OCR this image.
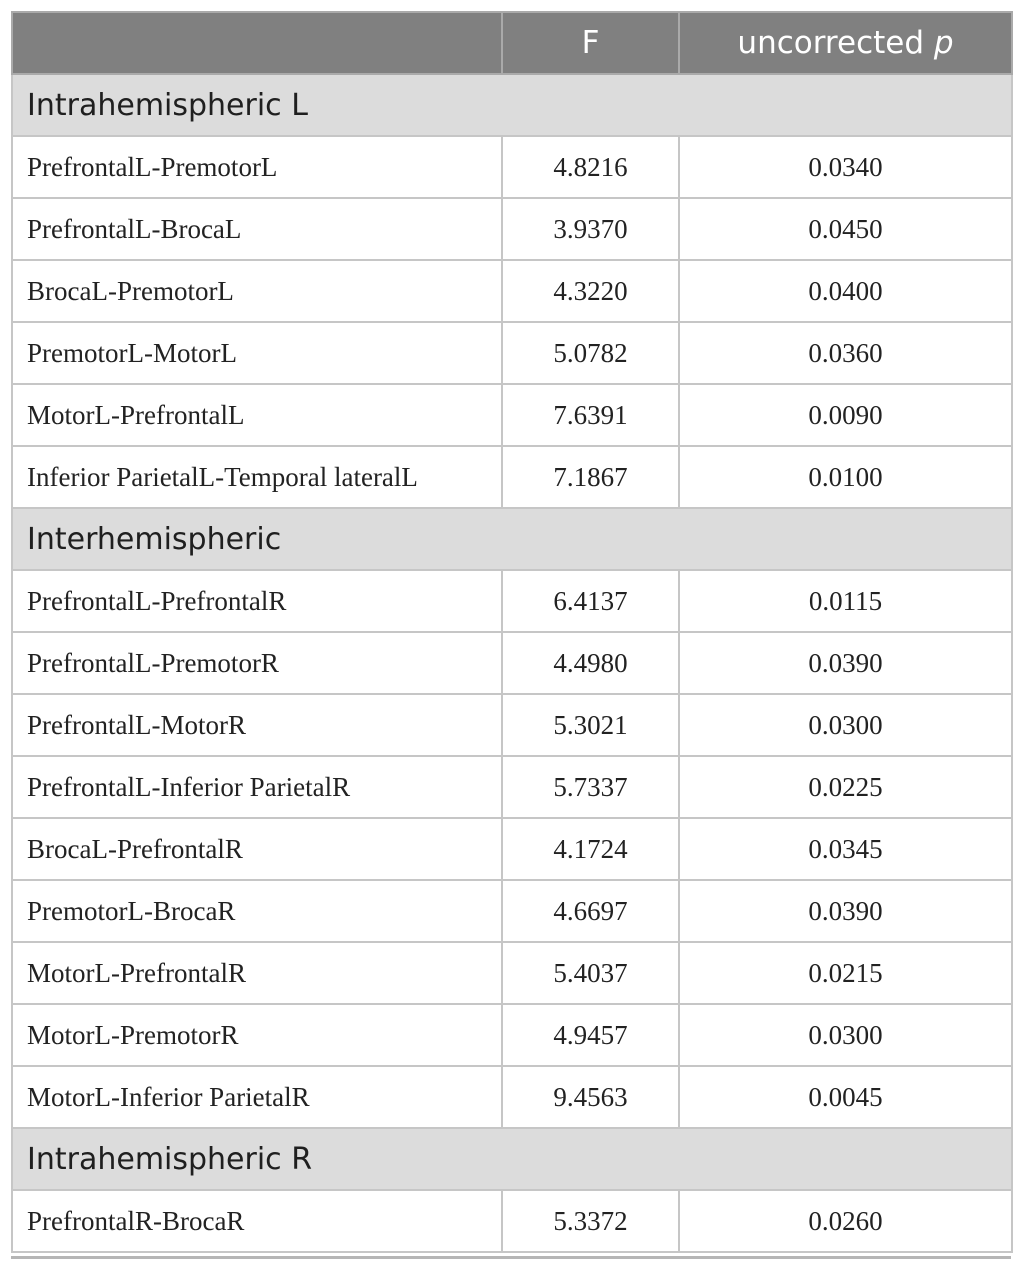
	F	uncorrected p
Intrahemispheric L		
PrefrontalL-PremotorL	4.8216	0.0340
PrefrontalL-BrocaL	3.9370	0.0450
BrocaL-PremotorL	4.3220	0.0400
PremotorL-MotorL	5.0782	0.0360
MotorL-PrefrontalL	7.6391	0.0090
Inferior ParietalL-Temporal lateralL	7.1867	0.0100
Interhemispheric		
PrefrontalL-PrefrontalR	6.4137	0.0115
PrefrontalL-PremotorR	4.4980	0.0390
PrefrontalL-MotorR	5.3021	0.0300
PrefrontalL-Inferior ParietalR	5.7337	0.0225
BrocaL-PrefrontalR	4.1724	0.0345
PremotorL-BrocaR	4.6697	0.0390
MotorL-PrefrontalR	5.4037	0.0215
MotorL-PremotorR	4.9457	0.0300
MotorL-Inferior ParietalR	9.4563	0.0045
Intrahemispheric R		
PrefrontalR-BrocaR	5.3372	0.0260
